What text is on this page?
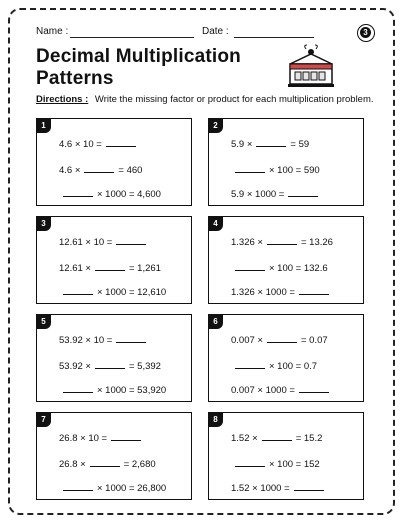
Name :	Date :	3
Decimal Multiplication
Patterns
Directions : Write the missing factor or product for each multiplication problem.
1
4.6 × 10 =
4.6 ×	= 460
× 1000 = 4,600
2
5.9 ×	= 59
× 100 = 590
5.9 × 1000 =
3
12.61 × 10 =
12.61 ×	= 1,261
× 1000 = 12,610
4
1.326 ×	= 13.26
× 100 = 132.6
1.326 × 1000 =
5
53.92 × 10 =
53.92 ×	= 5,392
× 1000 = 53,920
6
0.007 ×	= 0.07
× 100 = 0.7
0.007 × 1000 =
7
26.8 × 10 =
26.8 ×	= 2,680
× 1000 = 26,800
8
1.52 ×	= 15.2
× 100 = 152
1.52 × 1000 =
